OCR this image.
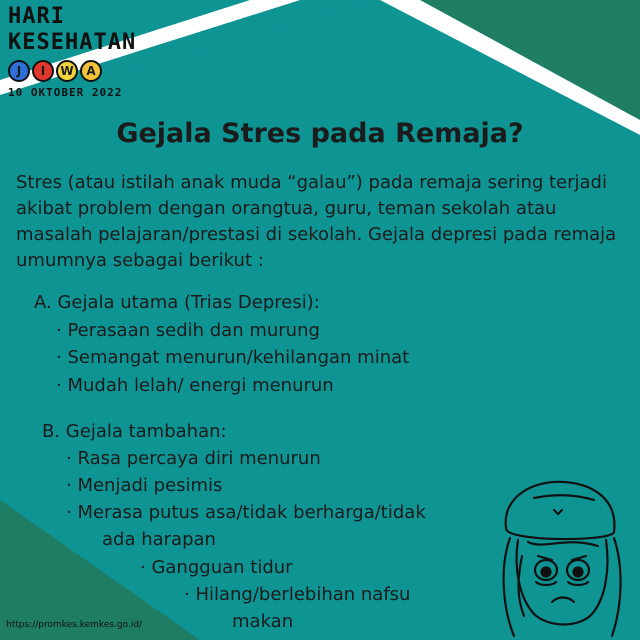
HARI
KESEHATAN
J	I	W	A
10 OKTOBER 2022
Gejala Stres pada Remaja?
Stres (atau istilah anak muda “galau”) pada remaja sering terjadi akibat problem dengan orangtua, guru, teman sekolah atau masalah pelajaran/prestasi di sekolah. Gejala depresi pada remaja umumnya sebagai berikut :
A. Gejala utama (Trias Depresi):
· Perasaan sedih dan murung
· Semangat menurun/kehilangan minat
· Mudah lelah/ energi menurun
B. Gejala tambahan:
· Rasa percaya diri menurun
· Menjadi pesimis
· Merasa putus asa/tidak berharga/tidak
ada harapan
· Gangguan tidur
· Hilang/berlebihan nafsu
makan
https://promkes.kemkes.go.id/
